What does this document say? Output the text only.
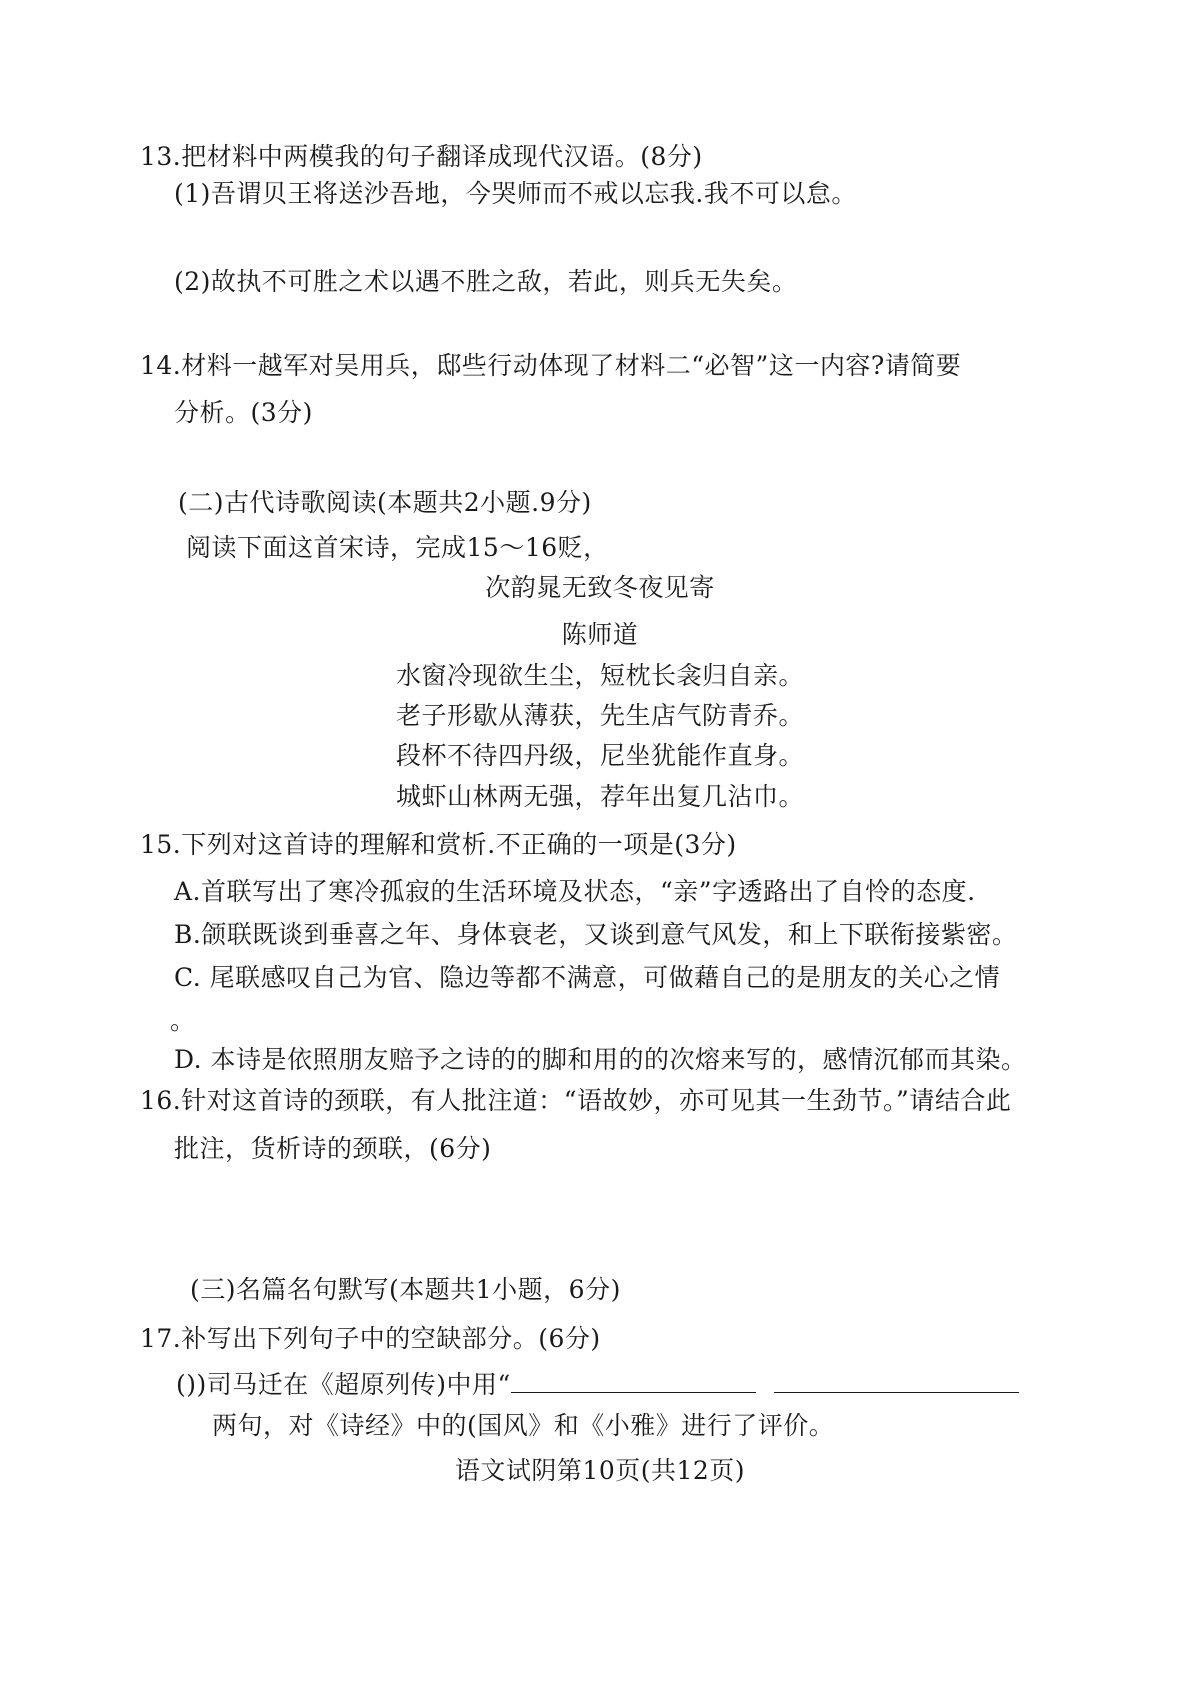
13.把材料中两模我的句子翻译成现代汉语。(8分)
(1)吾谓贝王将送沙吾地，今哭师而不戒以忘我.我不可以怠。
(2)故执不可胜之术以遇不胜之敌，若此，则兵无失矣。
14.材料一越军对吴用兵，邸些行动体现了材料二“必智”这一内容?请简要
分析。(3分)
(二)古代诗歌阅读(本题共2小题.9分)
阅读下面这首宋诗，完成15～16贬，
次韵晁无致冬夜见寄
陈师道
水窗冷现欲生尘，短枕长衾归自亲。
老子形歇从薄获，先生店气防青乔。
段杯不待四丹级，尼坐犹能作直身。
城虾山林两无强，荐年出复几沾巾。
15.下列对这首诗的理解和赏析.不正确的一项是(3分)
A.首联写出了寒冷孤寂的生活环境及状态，“亲”字透路出了自怜的态度.
B.颌联既谈到垂喜之年、身体衰老，又谈到意气风发，和上下联衔接紫密。
C. 尾联感叹自己为官、隐边等都不满意，可做藉自己的是朋友的关心之情
。
D. 本诗是依照朋友赔予之诗的的脚和用的的次熔来写的，感情沉郁而其染。
16.针对这首诗的颈联，有人批注道：“语故妙，亦可见其一生劲节。”请结合此
批注，货析诗的颈联，(6分)
(三)名篇名句默写(本题共1小题，6分)
17.补写出下列句子中的空缺部分。(6分)
())司马迁在《超原列传)中用“
两句，对《诗经》中的(国风》和《小雅》进行了评价。
语文试阴第10页(共12页)
